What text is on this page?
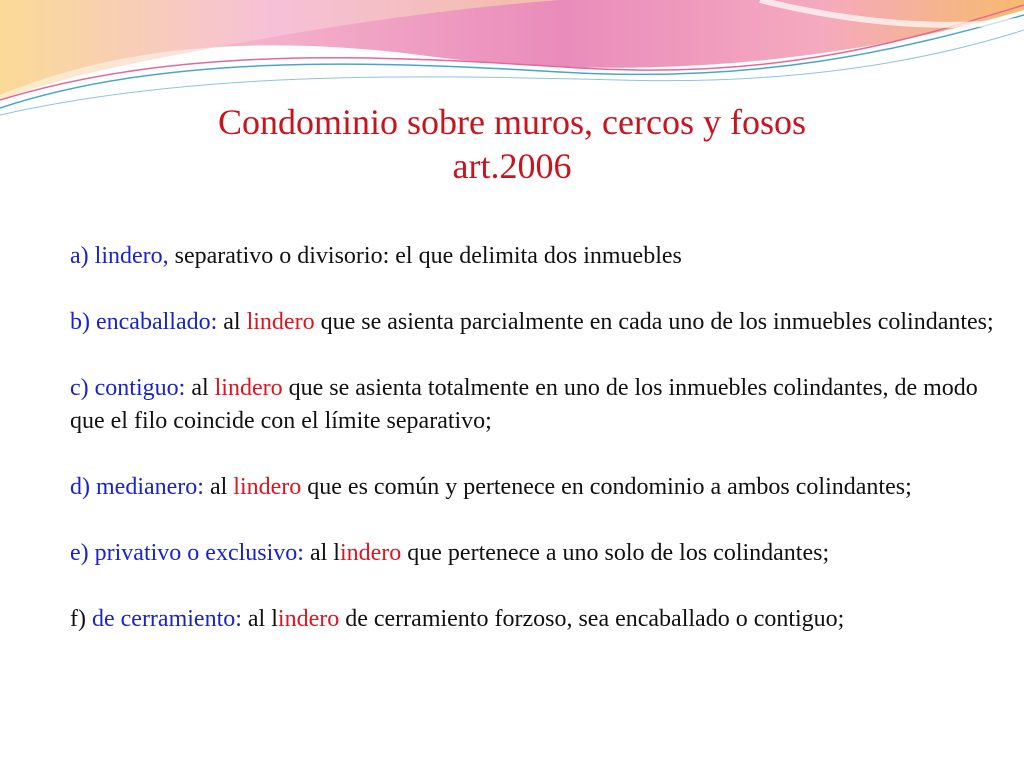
Condominio sobre muros, cercos y fosos
art.2006

a) lindero, separativo o divisorio: el que delimita dos inmuebles

b) encaballado: al lindero que se asienta parcialmente en cada uno de los inmuebles colindantes;

c) contiguo: al lindero que se asienta totalmente en uno de los inmuebles colindantes, de modo que el filo coincide con el límite separativo;

d) medianero: al lindero que es común y pertenece en condominio a ambos colindantes;

e) privativo o exclusivo: al lindero que pertenece a uno solo de los colindantes;

f) de cerramiento: al lindero de cerramiento forzoso, sea encaballado o contiguo;
